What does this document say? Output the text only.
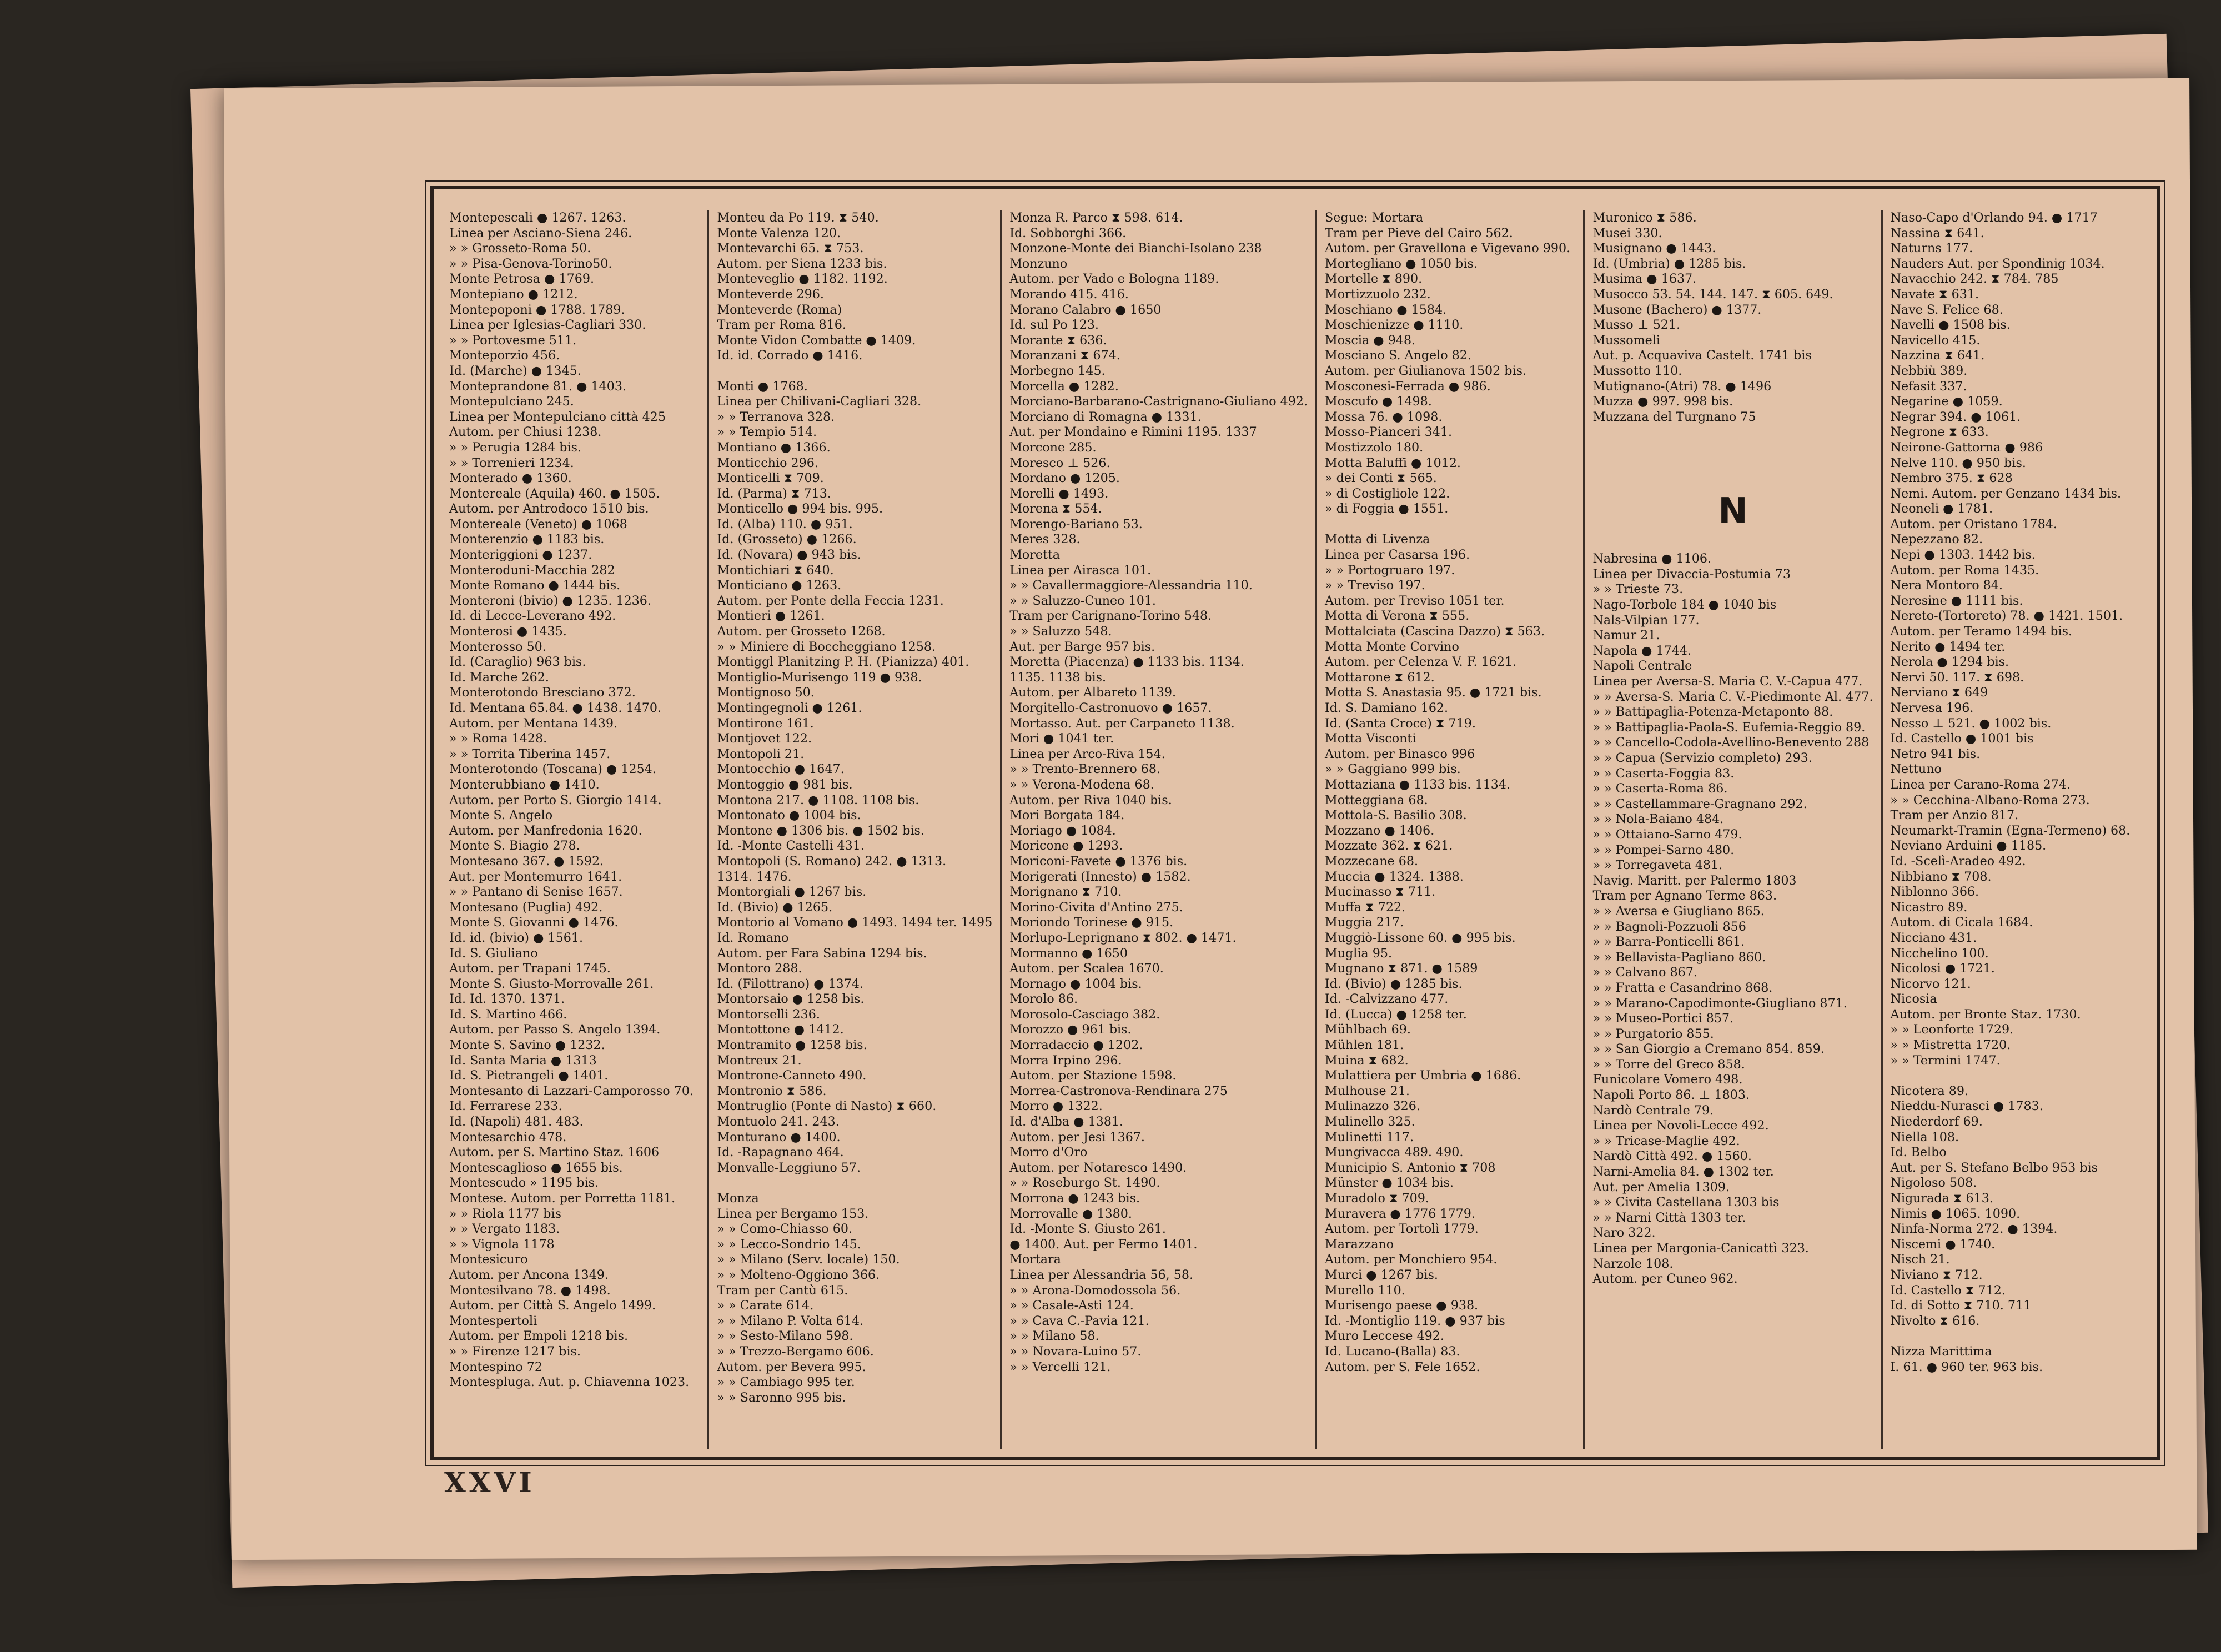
Montepescali ● 1267. 1263.
Linea per Asciano-Siena 246.
» » Grosseto-Roma 50.
» » Pisa-Genova-Torino50.
Monte Petrosa ● 1769.
Montepiano ● 1212.
Montepoponi ● 1788. 1789.
Linea per Iglesias-Cagliari 330.
» » Portovesme 511.
Monteporzio 456.
Id. (Marche) ● 1345.
Monteprandone 81. ● 1403.
Montepulciano 245.
Linea per Montepulciano città 425
Autom. per Chiusi 1238.
» » Perugia 1284 bis.
» » Torrenieri 1234.
Monterado ● 1360.
Montereale (Aquila) 460. ● 1505.
Autom. per Antrodoco 1510 bis.
Montereale (Veneto) ● 1068
Monterenzio ● 1183 bis.
Monteriggioni ● 1237.
Monteroduni-Macchia 282
Monte Romano ● 1444 bis.
Monteroni (bivio) ● 1235. 1236.
Id. di Lecce-Leverano 492.
Monterosi ● 1435.
Monterosso 50.
Id. (Caraglio) 963 bis.
Id. Marche 262.
Monterotondo Bresciano 372.
Id. Mentana 65.84. ● 1438. 1470.
Autom. per Mentana 1439.
» » Roma 1428.
» » Torrita Tiberina 1457.
Monterotondo (Toscana) ● 1254.
Monterubbiano ● 1410.
Autom. per Porto S. Giorgio 1414.
Monte S. Angelo
Autom. per Manfredonia 1620.
Monte S. Biagio 278.
Montesano 367. ● 1592.
Aut. per Montemurro 1641.
» » Pantano di Senise 1657.
Montesano (Puglia) 492.
Monte S. Giovanni ● 1476.
Id. id. (bivio) ● 1561.
Id. S. Giuliano
Autom. per Trapani 1745.
Monte S. Giusto-Morrovalle 261.
Id. Id. 1370. 1371.
Id. S. Martino 466.
Autom. per Passo S. Angelo 1394.
Monte S. Savino ● 1232.
Id. Santa Maria ● 1313
Id. S. Pietrangeli ● 1401.
Montesanto di Lazzari-Camporosso 70.
Id. Ferrarese 233.
Id. (Napoli) 481. 483.
Montesarchio 478.
Autom. per S. Martino Staz. 1606
Montescaglioso ● 1655 bis.
Montescudo » 1195 bis.
Montese. Autom. per Porretta 1181.
» » Riola 1177 bis
» » Vergato 1183.
» » Vignola 1178
Montesicuro
Autom. per Ancona 1349.
Montesilvano 78. ● 1498.
Autom. per Città S. Angelo 1499.
Montespertoli
Autom. per Empoli 1218 bis.
» » Firenze 1217 bis.
Montespino 72
Montespluga. Aut. p. Chiavenna 1023.
Monteu da Po 119. ⧗ 540.
Monte Valenza 120.
Montevarchi 65. ⧗ 753.
Autom. per Siena 1233 bis.
Monteveglio ● 1182. 1192.
Monteverde 296.
Monteverde (Roma)
Tram per Roma 816.
Monte Vidon Combatte ● 1409.
Id. id. Corrado ● 1416.

Monti ● 1768.
Linea per Chilivani-Cagliari 328.
» » Terranova 328.
» » Tempio 514.
Montiano ● 1366.
Monticchio 296.
Monticelli ⧗ 709.
Id. (Parma) ⧗ 713.
Monticello ● 994 bis. 995.
Id. (Alba) 110. ● 951.
Id. (Grosseto) ● 1266.
Id. (Novara) ● 943 bis.
Montichiari ⧗ 640.
Monticiano ● 1263.
Autom. per Ponte della Feccia 1231.
Montieri ● 1261.
Autom. per Grosseto 1268.
» » Miniere di Boccheggiano 1258.
Montiggl Planitzing P. H. (Pianizza) 401.
Montiglio-Murisengo 119 ● 938.
Montignoso 50.
Montingegnoli ● 1261.
Montirone 161.
Montjovet 122.
Montopoli 21.
Montocchio ● 1647.
Montoggio ● 981 bis.
Montona 217. ● 1108. 1108 bis.
Montonato ● 1004 bis.
Montone ● 1306 bis. ● 1502 bis.
Id. -Monte Castelli 431.
Montopoli (S. Romano) 242. ● 1313.
1314. 1476.
Montorgiali ● 1267 bis.
Id. (Bivio) ● 1265.
Montorio al Vomano ● 1493. 1494 ter. 1495
Id. Romano
Autom. per Fara Sabina 1294 bis.
Montoro 288.
Id. (Filottrano) ● 1374.
Montorsaio ● 1258 bis.
Montorselli 236.
Montottone ● 1412.
Montramito ● 1258 bis.
Montreux 21.
Montrone-Canneto 490.
Montronio ⧗ 586.
Montruglio (Ponte di Nasto) ⧗ 660.
Montuolo 241. 243.
Monturano ● 1400.
Id. -Rapagnano 464.
Monvalle-Leggiuno 57.

Monza
Linea per Bergamo 153.
» » Como-Chiasso 60.
» » Lecco-Sondrio 145.
» » Milano (Serv. locale) 150.
» » Molteno-Oggiono 366.
Tram per Cantù 615.
» » Carate 614.
» » Milano P. Volta 614.
» » Sesto-Milano 598.
» » Trezzo-Bergamo 606.
Autom. per Bevera 995.
» » Cambiago 995 ter.
» » Saronno 995 bis.
Monza R. Parco ⧗ 598. 614.
Id. Sobborghi 366.
Monzone-Monte dei Bianchi-Isolano 238
Monzuno
Autom. per Vado e Bologna 1189.
Morando 415. 416.
Morano Calabro ● 1650
Id. sul Po 123.
Morante ⧗ 636.
Moranzani ⧗ 674.
Morbegno 145.
Morcella ● 1282.
Morciano-Barbarano-Castrignano-Giuliano 492.
Morciano di Romagna ● 1331.
Aut. per Mondaino e Rimini 1195. 1337
Morcone 285.
Moresco ⊥ 526.
Mordano ● 1205.
Morelli ● 1493.
Morena ⧗ 554.
Morengo-Bariano 53.
Meres 328.
Moretta
Linea per Airasca 101.
» » Cavallermaggiore-Alessandria 110.
» » Saluzzo-Cuneo 101.
Tram per Carignano-Torino 548.
» » Saluzzo 548.
Aut. per Barge 957 bis.
Moretta (Piacenza) ● 1133 bis. 1134.
1135. 1138 bis.
Autom. per Albareto 1139.
Morgitello-Castronuovo ● 1657.
Mortasso. Aut. per Carpaneto 1138.
Mori ● 1041 ter.
Linea per Arco-Riva 154.
» » Trento-Brennero 68.
» » Verona-Modena 68.
Autom. per Riva 1040 bis.
Mori Borgata 184.
Moriago ● 1084.
Moricone ● 1293.
Moriconi-Favete ● 1376 bis.
Morigerati (Innesto) ● 1582.
Morignano ⧗ 710.
Morino-Civita d'Antino 275.
Moriondo Torinese ● 915.
Morlupo-Leprignano ⧗ 802. ● 1471.
Mormanno ● 1650
Autom. per Scalea 1670.
Mornago ● 1004 bis.
Morolo 86.
Morosolo-Casciago 382.
Morozzo ● 961 bis.
Morradaccio ● 1202.
Morra Irpino 296.
Autom. per Stazione 1598.
Morrea-Castronova-Rendinara 275
Morro ● 1322.
Id. d'Alba ● 1381.
Autom. per Jesi 1367.
Morro d'Oro
Autom. per Notaresco 1490.
» » Roseburgo St. 1490.
Morrona ● 1243 bis.
Morrovalle ● 1380.
Id. -Monte S. Giusto 261.
● 1400. Aut. per Fermo 1401.
Mortara
Linea per Alessandria 56, 58.
» » Arona-Domodossola 56.
» » Casale-Asti 124.
» » Cava C.-Pavia 121.
» » Milano 58.
» » Novara-Luino 57.
» » Vercelli 121.
Segue: Mortara
Tram per Pieve del Cairo 562.
Autom. per Gravellona e Vigevano 990.
Mortegliano ● 1050 bis.
Mortelle ⧗ 890.
Mortizzuolo 232.
Moschiano ● 1584.
Moschienizze ● 1110.
Moscia ● 948.
Mosciano S. Angelo 82.
Autom. per Giulianova 1502 bis.
Mosconesi-Ferrada ● 986.
Moscufo ● 1498.
Mossa 76. ● 1098.
Mosso-Pianceri 341.
Mostizzolo 180.
Motta Baluffi ● 1012.
» dei Conti ⧗ 565.
» di Costigliole 122.
» di Foggia ● 1551.

Motta di Livenza
Linea per Casarsa 196.
» » Portogruaro 197.
» » Treviso 197.
Autom. per Treviso 1051 ter.
Motta di Verona ⧗ 555.
Mottalciata (Cascina Dazzo) ⧗ 563.
Motta Monte Corvino
Autom. per Celenza V. F. 1621.
Mottarone ⧗ 612.
Motta S. Anastasia 95. ● 1721 bis.
Id. S. Damiano 162.
Id. (Santa Croce) ⧗ 719.
Motta Visconti
Autom. per Binasco 996
» » Gaggiano 999 bis.
Mottaziana ● 1133 bis. 1134.
Motteggiana 68.
Mottola-S. Basilio 308.
Mozzano ● 1406.
Mozzate 362. ⧗ 621.
Mozzecane 68.
Muccia ● 1324. 1388.
Mucinasso ⧗ 711.
Muffa ⧗ 722.
Muggia 217.
Muggiò-Lissone 60. ● 995 bis.
Muglia 95.
Mugnano ⧗ 871. ● 1589
Id. (Bivio) ● 1285 bis.
Id. -Calvizzano 477.
Id. (Lucca) ● 1258 ter.
Mühlbach 69.
Mühlen 181.
Muina ⧗ 682.
Mulattiera per Umbria ● 1686.
Mulhouse 21.
Mulinazzo 326.
Mulinello 325.
Mulinetti 117.
Mungivacca 489. 490.
Municipio S. Antonio ⧗ 708
Münster ● 1034 bis.
Muradolo ⧗ 709.
Muravera ● 1776 1779.
Autom. per Tortolì 1779.
Marazzano
Autom. per Monchiero 954.
Murci ● 1267 bis.
Murello 110.
Murisengo paese ● 938.
Id. -Montiglio 119. ● 937 bis
Muro Leccese 492.
Id. Lucano-(Balla) 83.
Autom. per S. Fele 1652.
Muronico ⧗ 586.
Musei 330.
Musignano ● 1443.
Id. (Umbria) ● 1285 bis.
Musima ● 1637.
Musocco 53. 54. 144. 147. ⧗ 605. 649.
Musone (Bachero) ● 1377.
Musso ⊥ 521.
Mussomeli
Aut. p. Acquaviva Castelt. 1741 bis
Mussotto 110.
Mutignano-(Atri) 78. ● 1496
Muzza ● 997. 998 bis.
Muzzana del Turgnano 75

N

Nabresina ● 1106.
Linea per Divaccia-Postumia 73
» » Trieste 73.
Nago-Torbole 184 ● 1040 bis
Nals-Vilpian 177.
Namur 21.
Napola ● 1744.
Napoli Centrale
Linea per Aversa-S. Maria C. V.-Capua 477.
» » Aversa-S. Maria C. V.-Piedimonte Al. 477.
» » Battipaglia-Potenza-Metaponto 88.
» » Battipaglia-Paola-S. Eufemia-Reggio 89.
» » Cancello-Codola-Avellino-Benevento 288
» » Capua (Servizio completo) 293.
» » Caserta-Foggia 83.
» » Caserta-Roma 86.
» » Castellammare-Gragnano 292.
» » Nola-Baiano 484.
» » Ottaiano-Sarno 479.
» » Pompei-Sarno 480.
» » Torregaveta 481.
Navig. Maritt. per Palermo 1803
Tram per Agnano Terme 863.
» » Aversa e Giugliano 865.
» » Bagnoli-Pozzuoli 856
» » Barra-Ponticelli 861.
» » Bellavista-Pagliano 860.
» » Calvano 867.
» » Fratta e Casandrino 868.
» » Marano-Capodimonte-Giugliano 871.
» » Museo-Portici 857.
» » Purgatorio 855.
» » San Giorgio a Cremano 854. 859.
» » Torre del Greco 858.
Funicolare Vomero 498.
Napoli Porto 86. ⊥ 1803.
Nardò Centrale 79.
Linea per Novoli-Lecce 492.
» » Tricase-Maglie 492.
Nardò Città 492. ● 1560.
Narni-Amelia 84. ● 1302 ter.
Aut. per Amelia 1309.
» » Civita Castellana 1303 bis
» » Narni Città 1303 ter.
Naro 322.
Linea per Margonia-Canicattì 323.
Narzole 108.
Autom. per Cuneo 962.
Naso-Capo d'Orlando 94. ● 1717
Nassina ⧗ 641.
Naturns 177.
Nauders Aut. per Spondinig 1034.
Navacchio 242. ⧗ 784. 785
Navate ⧗ 631.
Nave S. Felice 68.
Navelli ● 1508 bis.
Navicello 415.
Nazzina ⧗ 641.
Nebbiù 389.
Nefasit 337.
Negarine ● 1059.
Negrar 394. ● 1061.
Negrone ⧗ 633.
Neirone-Gattorna ● 986
Nelve 110. ● 950 bis.
Nembro 375. ⧗ 628
Nemi. Autom. per Genzano 1434 bis.
Neoneli ● 1781.
Autom. per Oristano 1784.
Nepezzano 82.
Nepi ● 1303. 1442 bis.
Autom. per Roma 1435.
Nera Montoro 84.
Neresine ● 1111 bis.
Nereto-(Tortoreto) 78. ● 1421. 1501.
Autom. per Teramo 1494 bis.
Nerito ● 1494 ter.
Nerola ● 1294 bis.
Nervi 50. 117. ⧗ 698.
Nerviano ⧗ 649
Nervesa 196.
Nesso ⊥ 521. ● 1002 bis.
Id. Castello ● 1001 bis
Netro 941 bis.
Nettuno
Linea per Carano-Roma 274.
» » Cecchina-Albano-Roma 273.
Tram per Anzio 817.
Neumarkt-Tramin (Egna-Termeno) 68.
Neviano Arduini ● 1185.
Id. -Scelì-Aradeo 492.
Nibbiano ⧗ 708.
Niblonno 366.
Nicastro 89.
Autom. di Cicala 1684.
Nicciano 431.
Nicchelino 100.
Nicolosi ● 1721.
Nicorvo 121.
Nicosia
Autom. per Bronte Staz. 1730.
» » Leonforte 1729.
» » Mistretta 1720.
» » Termini 1747.

Nicotera 89.
Nieddu-Nurasci ● 1783.
Niederdorf 69.
Niella 108.
Id. Belbo
Aut. per S. Stefano Belbo 953 bis
Nigoloso 508.
Nigurada ⧗ 613.
Nimis ● 1065. 1090.
Ninfa-Norma 272. ● 1394.
Niscemi ● 1740.
Nisch 21.
Niviano ⧗ 712.
Id. Castello ⧗ 712.
Id. di Sotto ⧗ 710. 711
Nivolto ⧗ 616.

Nizza Marittima
I. 61. ● 960 ter. 963 bis.
XXVI
